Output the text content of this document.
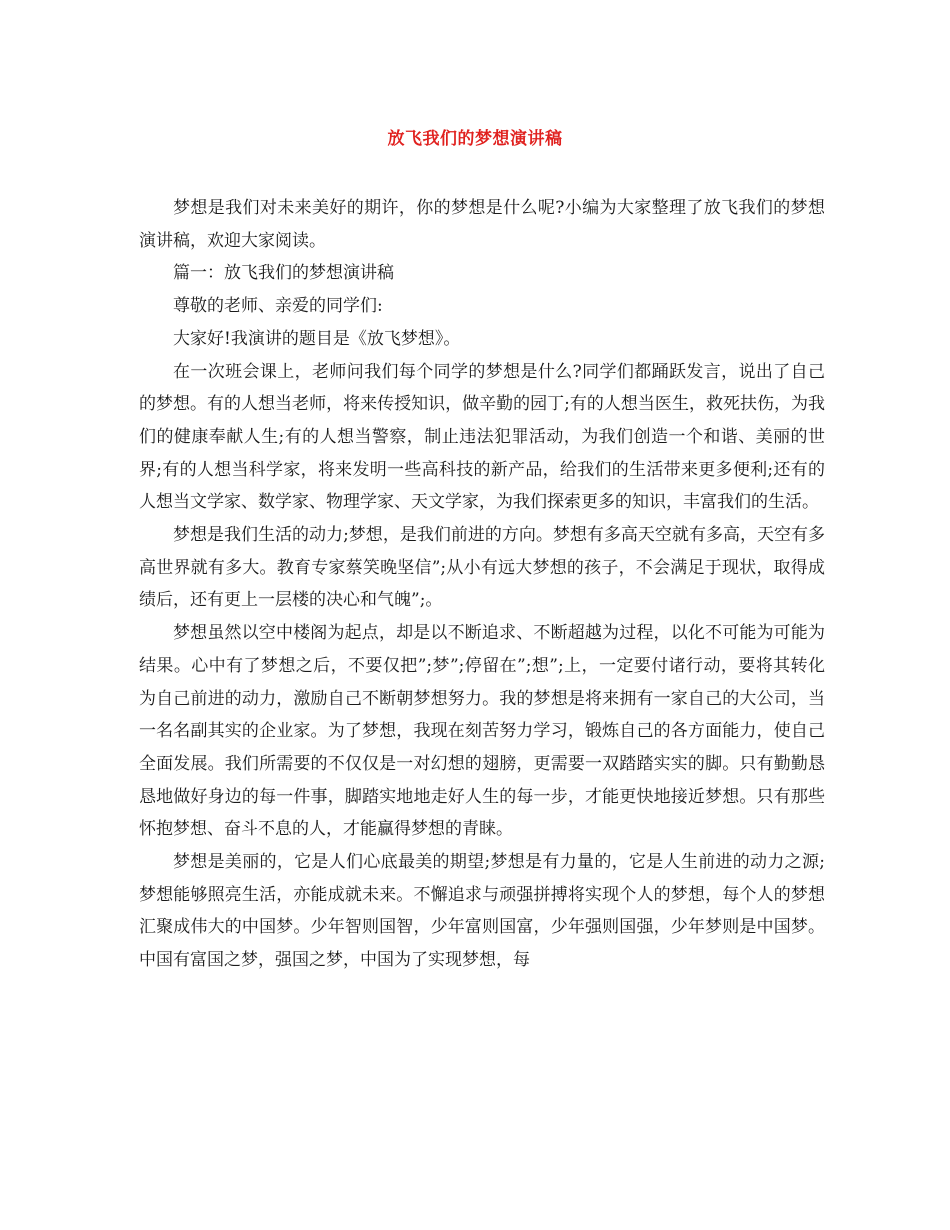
放飞我们的梦想演讲稿

梦想是我们对未来美好的期许，你的梦想是什么呢?小编为大家整理了放飞我们的梦想演讲稿，欢迎大家阅读。

篇一：放飞我们的梦想演讲稿

尊敬的老师、亲爱的同学们:

大家好!我演讲的题目是《放飞梦想》。

在一次班会课上，老师问我们每个同学的梦想是什么?同学们都踊跃发言，说出了自己的梦想。有的人想当老师，将来传授知识，做辛勤的园丁;有的人想当医生，救死扶伤，为我们的健康奉献人生;有的人想当警察，制止违法犯罪活动，为我们创造一个和谐、美丽的世界;有的人想当科学家，将来发明一些高科技的新产品，给我们的生活带来更多便利;还有的人想当文学家、数学家、物理学家、天文学家，为我们探索更多的知识，丰富我们的生活。

梦想是我们生活的动力;梦想，是我们前进的方向。梦想有多高天空就有多高，天空有多高世界就有多大。教育专家蔡笑晚坚信”;从小有远大梦想的孩子，不会满足于现状，取得成绩后，还有更上一层楼的决心和气魄”;。

梦想虽然以空中楼阁为起点，却是以不断追求、不断超越为过程，以化不可能为可能为结果。心中有了梦想之后，不要仅把”;梦”;停留在”;想”;上，一定要付诸行动，要将其转化为自己前进的动力，激励自己不断朝梦想努力。我的梦想是将来拥有一家自己的大公司，当一名名副其实的企业家。为了梦想，我现在刻苦努力学习，锻炼自己的各方面能力，使自己全面发展。我们所需要的不仅仅是一对幻想的翅膀，更需要一双踏踏实实的脚。只有勤勤恳恳地做好身边的每一件事，脚踏实地地走好人生的每一步，才能更快地接近梦想。只有那些怀抱梦想、奋斗不息的人，才能赢得梦想的青睐。

梦想是美丽的，它是人们心底最美的期望;梦想是有力量的，它是人生前进的动力之源;梦想能够照亮生活，亦能成就未来。不懈追求与顽强拼搏将实现个人的梦想，每个人的梦想汇聚成伟大的中国梦。少年智则国智，少年富则国富，少年强则国强，少年梦则是中国梦。中国有富国之梦，强国之梦，中国为了实现梦想，每
